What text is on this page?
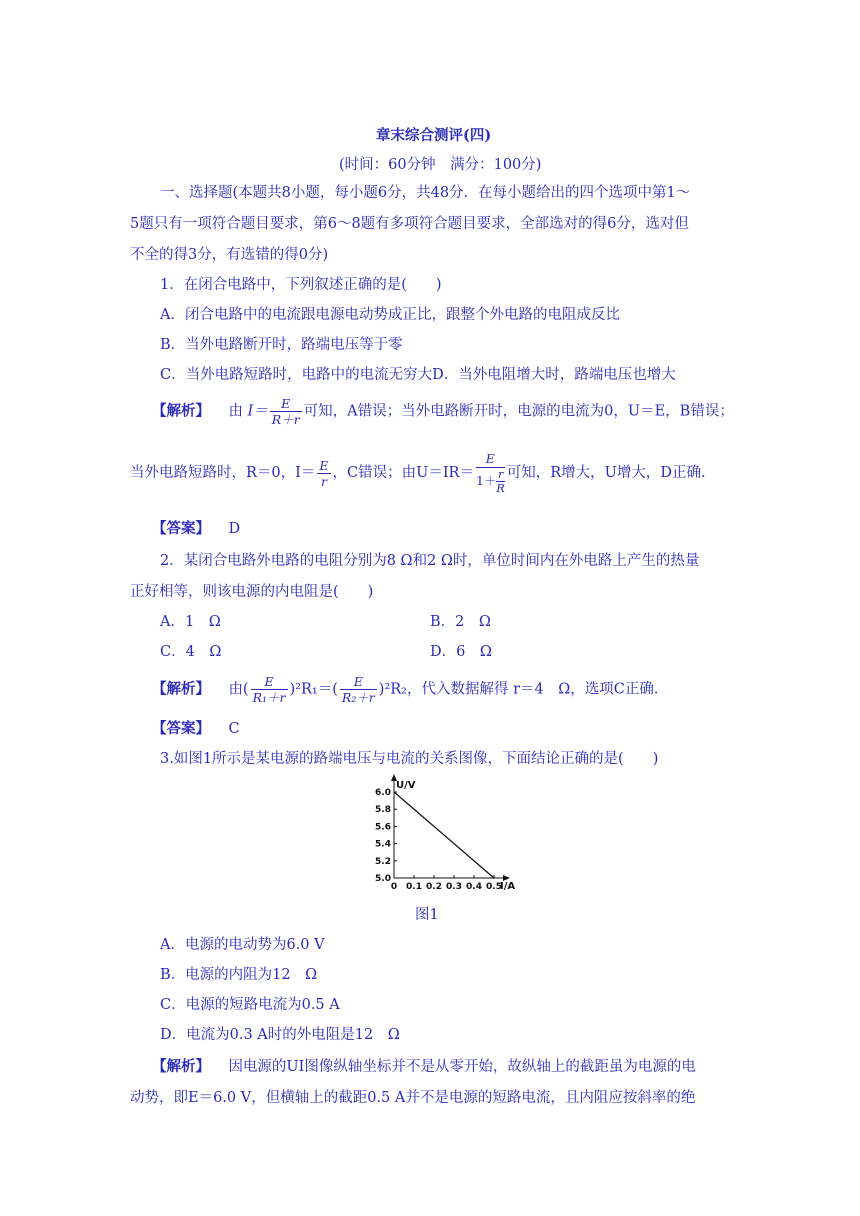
章末综合测评(四)
(时间：60分钟　满分：100分)
一、选择题(本题共8小题，每小题6分，共48分．在每小题给出的四个选项中第1～
5题只有一项符合题目要求，第6～8题有多项符合题目要求，全部选对的得6分，选对但
不全的得3分，有选错的得0分)
1．在闭合电路中，下列叙述正确的是(　　)
A．闭合电路中的电流跟电源电动势成正比，跟整个外电路的电阻成反比
B．当外电路断开时，路端电压等于零
C．当外电路短路时，电路中的电流无穷大D．当外电阻增大时，路端电压也增大
【解析】 由 $I= \frac{E}{R+r}$ 可知，A错误；当外电路断开时，电源的电流为0，U＝E，B错误；
当外电路短路时，R＝0，$I= \frac{E}{r}$ ，C错误；由$U=IR= \frac{E}{1+ \frac{r}{R}}$ 可知，R增大，U增大，D正确．
【答案】 D
2．某闭合电路外电路的电阻分别为8 Ω和2 Ω时，单位时间内在外电路上产生的热量
正好相等，则该电源的内电阻是(　　)
A．1　Ω	B．2　Ω
C．4　Ω	D．6　Ω
【解析】 由( $\frac{E}{\text{R₁＋r}} )^2R_1=( \frac{E}{\text{R₂＋r}} )^2R_2$，代入数据解得 r＝4　Ω，选项C正确．
【答案】 C
3.如图1所示是某电源的路端电压与电流的关系图像，下面结论正确的是(　　)
0 0.1 0.2 0.3 0.4 0.5
5.0
5.2
5.4
5.6
5.8
6.0
U/V
I/A
图1
A．电源的电动势为6.0 V
B．电源的内阻为12　Ω
C．电源的短路电流为0.5 A
D．电流为0.3 A时的外电阻是12　Ω
【解析】 因电源的UI图像纵轴坐标并不是从零开始，故纵轴上的截距虽为电源的电
动势，即E＝6.0 V，但横轴上的截距0.5 A并不是电源的短路电流，且内阻应按斜率的绝
